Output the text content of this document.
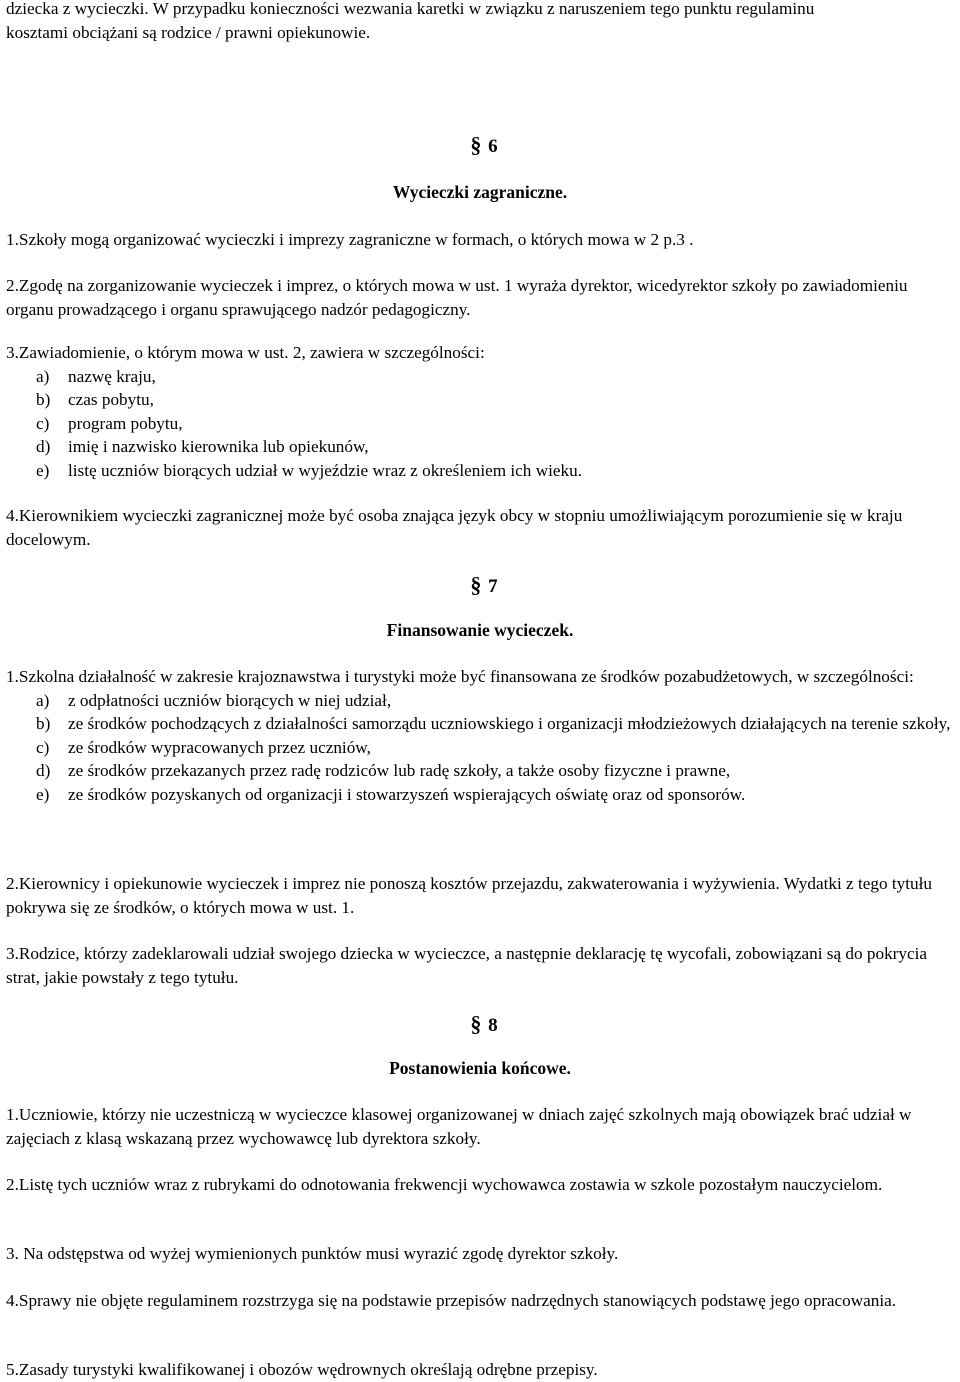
dziecka z wycieczki. W przypadku konieczności wezwania karetki w związku z naruszeniem tego punktu regulaminu

kosztami obciążani są rodzice / prawni opiekunowie.

§ 6
Wycieczki zagraniczne.
1.Szkoły mogą organizować wycieczki i imprezy zagraniczne w formach, o których mowa w 2 p.3 .
2.Zgodę na zorganizowanie wycieczek i imprez, o których mowa w ust. 1 wyraża dyrektor, wicedyrektor szkoły po zawiadomieniu organu prowadzącego i organu sprawującego nadzór pedagogiczny.

3.Zawiadomienie, o którym mowa w ust. 2, zawiera w szczególności:

a) nazwę kraju,
b) czas pobytu,
c) program pobytu,
d) imię i nazwisko kierownika lub opiekunów,
e) listę uczniów biorących udział w wyjeździe wraz z określeniem ich wieku.
4.Kierownikiem wycieczki zagranicznej może być osoba znająca język obcy w stopniu umożliwiającym porozumienie się w kraju docelowym.
§ 7
Finansowanie wycieczek.

1.Szkolna działalność w zakresie krajoznawstwa i turystyki może być finansowana ze środków pozabudżetowych, w szczególności:

a) z odpłatności uczniów biorących w niej udział,
b) ze środków pochodzących z działalności samorządu uczniowskiego i organizacji młodzieżowych działających na terenie szkoły,
c) ze środków wypracowanych przez uczniów,
d) ze środków przekazanych przez radę rodziców lub radę szkoły, a także osoby fizyczne i prawne,
e) ze środków pozyskanych od organizacji i stowarzyszeń wspierających oświatę oraz od sponsorów.
2.Kierownicy i opiekunowie wycieczek i imprez nie ponoszą kosztów przejazdu, zakwaterowania i wyżywienia. Wydatki z tego tytułu pokrywa się ze środków, o których mowa w ust. 1.
3.Rodzice, którzy zadeklarowali udział swojego dziecka w wycieczce, a następnie deklarację tę wycofali, zobowiązani są do pokrycia strat, jakie powstały z tego tytułu.
§ 8
Postanowienia końcowe.
1.Uczniowie, którzy nie uczestniczą w wycieczce klasowej organizowanej w dniach zajęć szkolnych mają obowiązek brać udział w zajęciach z klasą wskazaną przez wychowawcę lub dyrektora szkoły.
2.Listę tych uczniów wraz z rubrykami do odnotowania frekwencji wychowawca zostawia w szkole pozostałym nauczycielom.
3. Na odstępstwa od wyżej wymienionych punktów musi wyrazić zgodę dyrektor szkoły.
4.Sprawy nie objęte regulaminem rozstrzyga się na podstawie przepisów nadrzędnych stanowiących podstawę jego opracowania.
5.Zasady turystyki kwalifikowanej i obozów wędrownych określają odrębne przepisy.
